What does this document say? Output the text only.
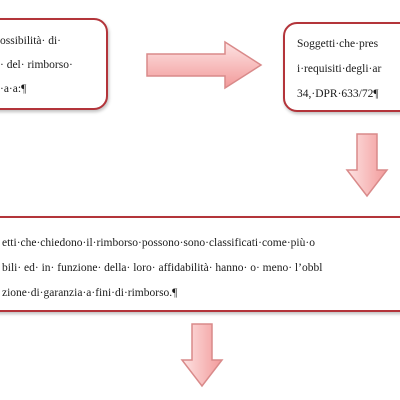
ossibilità· di·
· del· rimborso·
·a·a:¶
Soggetti·che·pres
i·requisiti·degli·ar
34,·DPR·633/72¶
etti·che·chiedono·il·rimborso·possono·sono·classificati·come·più·o
bili· ed· in· funzione· della· loro· affidabilità· hanno· o· meno· l’obbl
zione·di·garanzia·a·fini·di·rimborso.¶
